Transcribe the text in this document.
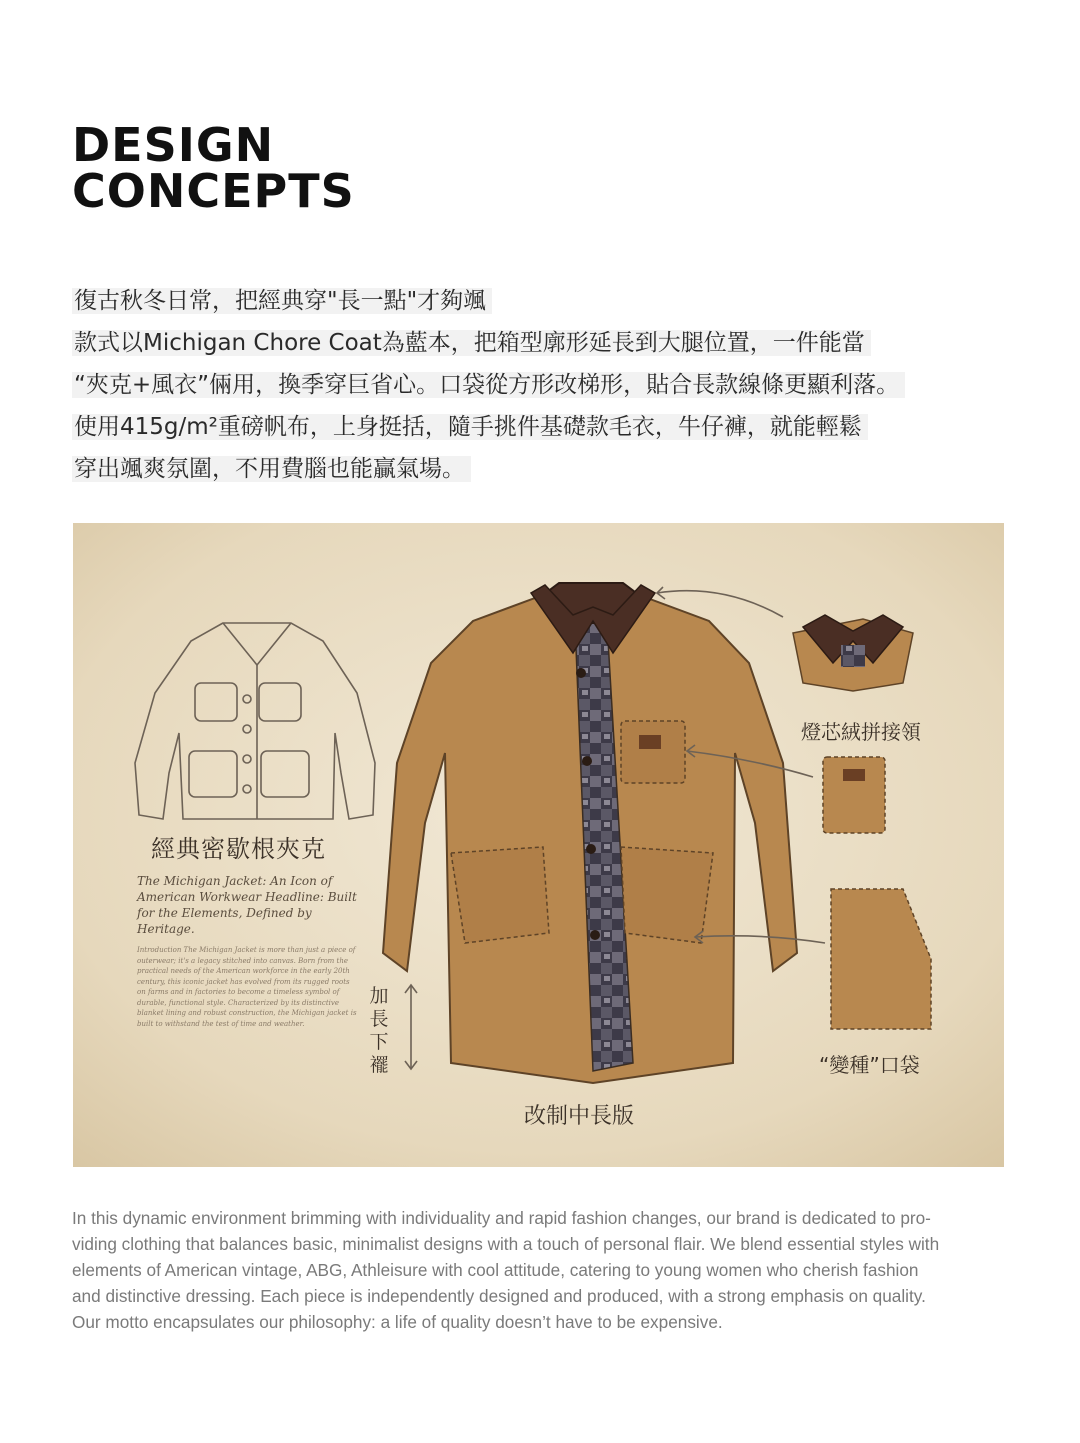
DESIGN
CONCEPTS
復古秋冬日常，把經典穿"長一點"才夠颯
款式以Michigan Chore Coat為藍本，把箱型廓形延長到大腿位置，一件能當
“夾克+風衣”倆用，換季穿巨省心。口袋從方形改梯形，貼合長款線條更顯利落。
使用415g/m²重磅帆布，上身挺括，隨手挑件基礎款毛衣，牛仔褲，就能輕鬆
穿出颯爽氛圍，不用費腦也能贏氣場。
經典密歇根夾克
The Michigan Jacket: An Icon of American Workwear Headline: Built for the Elements, Defined by Heritage.
Introduction The Michigan Jacket is more than just a piece of outerwear; it's a legacy stitched into canvas. Born from the practical needs of the American workforce in the early 20th century, this iconic jacket has evolved from its rugged roots on farms and in factories to become a timeless symbol of durable, functional style. Characterized by its distinctive blanket lining and robust construction, the Michigan jacket is built to withstand the test of time and weather.
加長下襬
燈芯絨拼接領
“變種”口袋
改制中長版
In this dynamic environment brimming with individuality and rapid fashion changes, our brand is dedicated to pro-
viding clothing that balances basic, minimalist designs with a touch of personal flair. We blend essential styles with
elements of American vintage, ABG, Athleisure with cool attitude, catering to young women who cherish fashion
and distinctive dressing. Each piece is independently designed and produced, with a strong emphasis on quality.
Our motto encapsulates our philosophy: a life of quality doesn’t have to be expensive.
